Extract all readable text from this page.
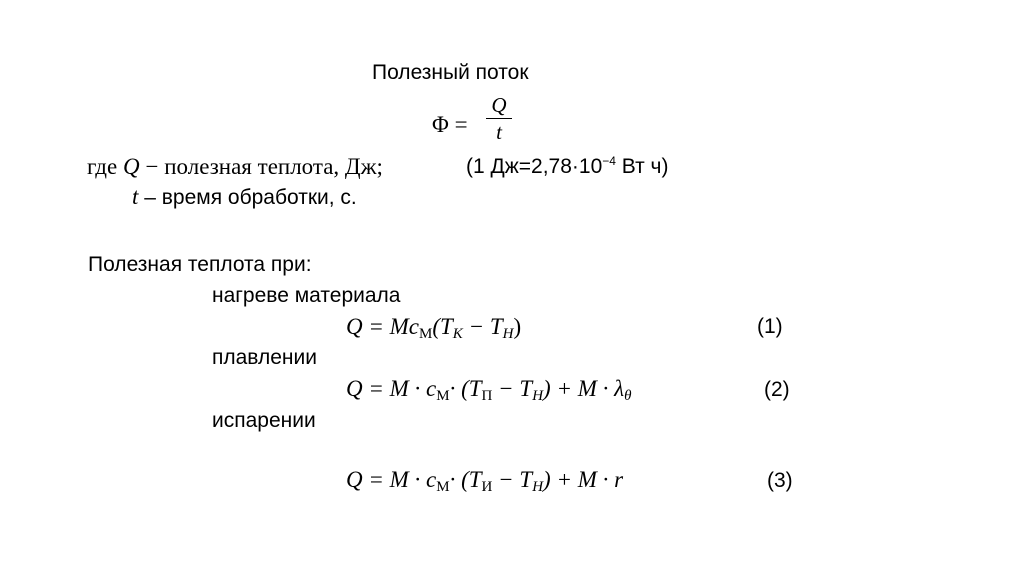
Полезный поток
Φ =
Q
t
где Q − полезная теплота, Дж;	(1 $Дж=2,78\cdot 10^{-4}$ Вт ч)
t – время обработки, с.
Полезная теплота при:
нагреве материала
Q = McМ(TK − TH)	(1)
плавлении
Q = M · cМ· (TП − TH) + М · λθ	(2)
испарении
Q = M · cМ· (TИ − TH) + М · r	(3)
